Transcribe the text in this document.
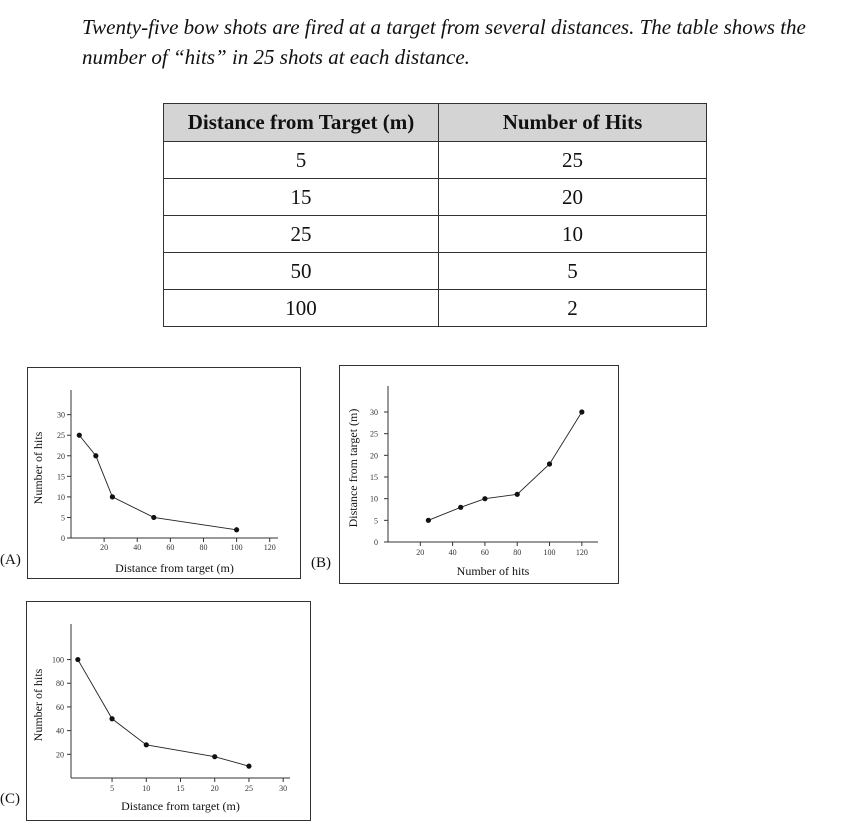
Twenty-five bow shots are fired at a target from several distances. The table shows the number of “hits” in 25 shots at each distance.

Distance from Target (m)	Number of Hits
5	25
15	20
25	10
50	5
100	2
20	40	60	80	100	120
0
5
10
15
20
25
30
Distance from target (m)
Number of hits
(A)	20	40	60	80	100	120
0
5
10
15
20
25
30
Number of hits
Distance from target (m)
(B)
5	10	15	20	25	30
20
40
60
80
100
Distance from target (m)
Number of hits
(C)
